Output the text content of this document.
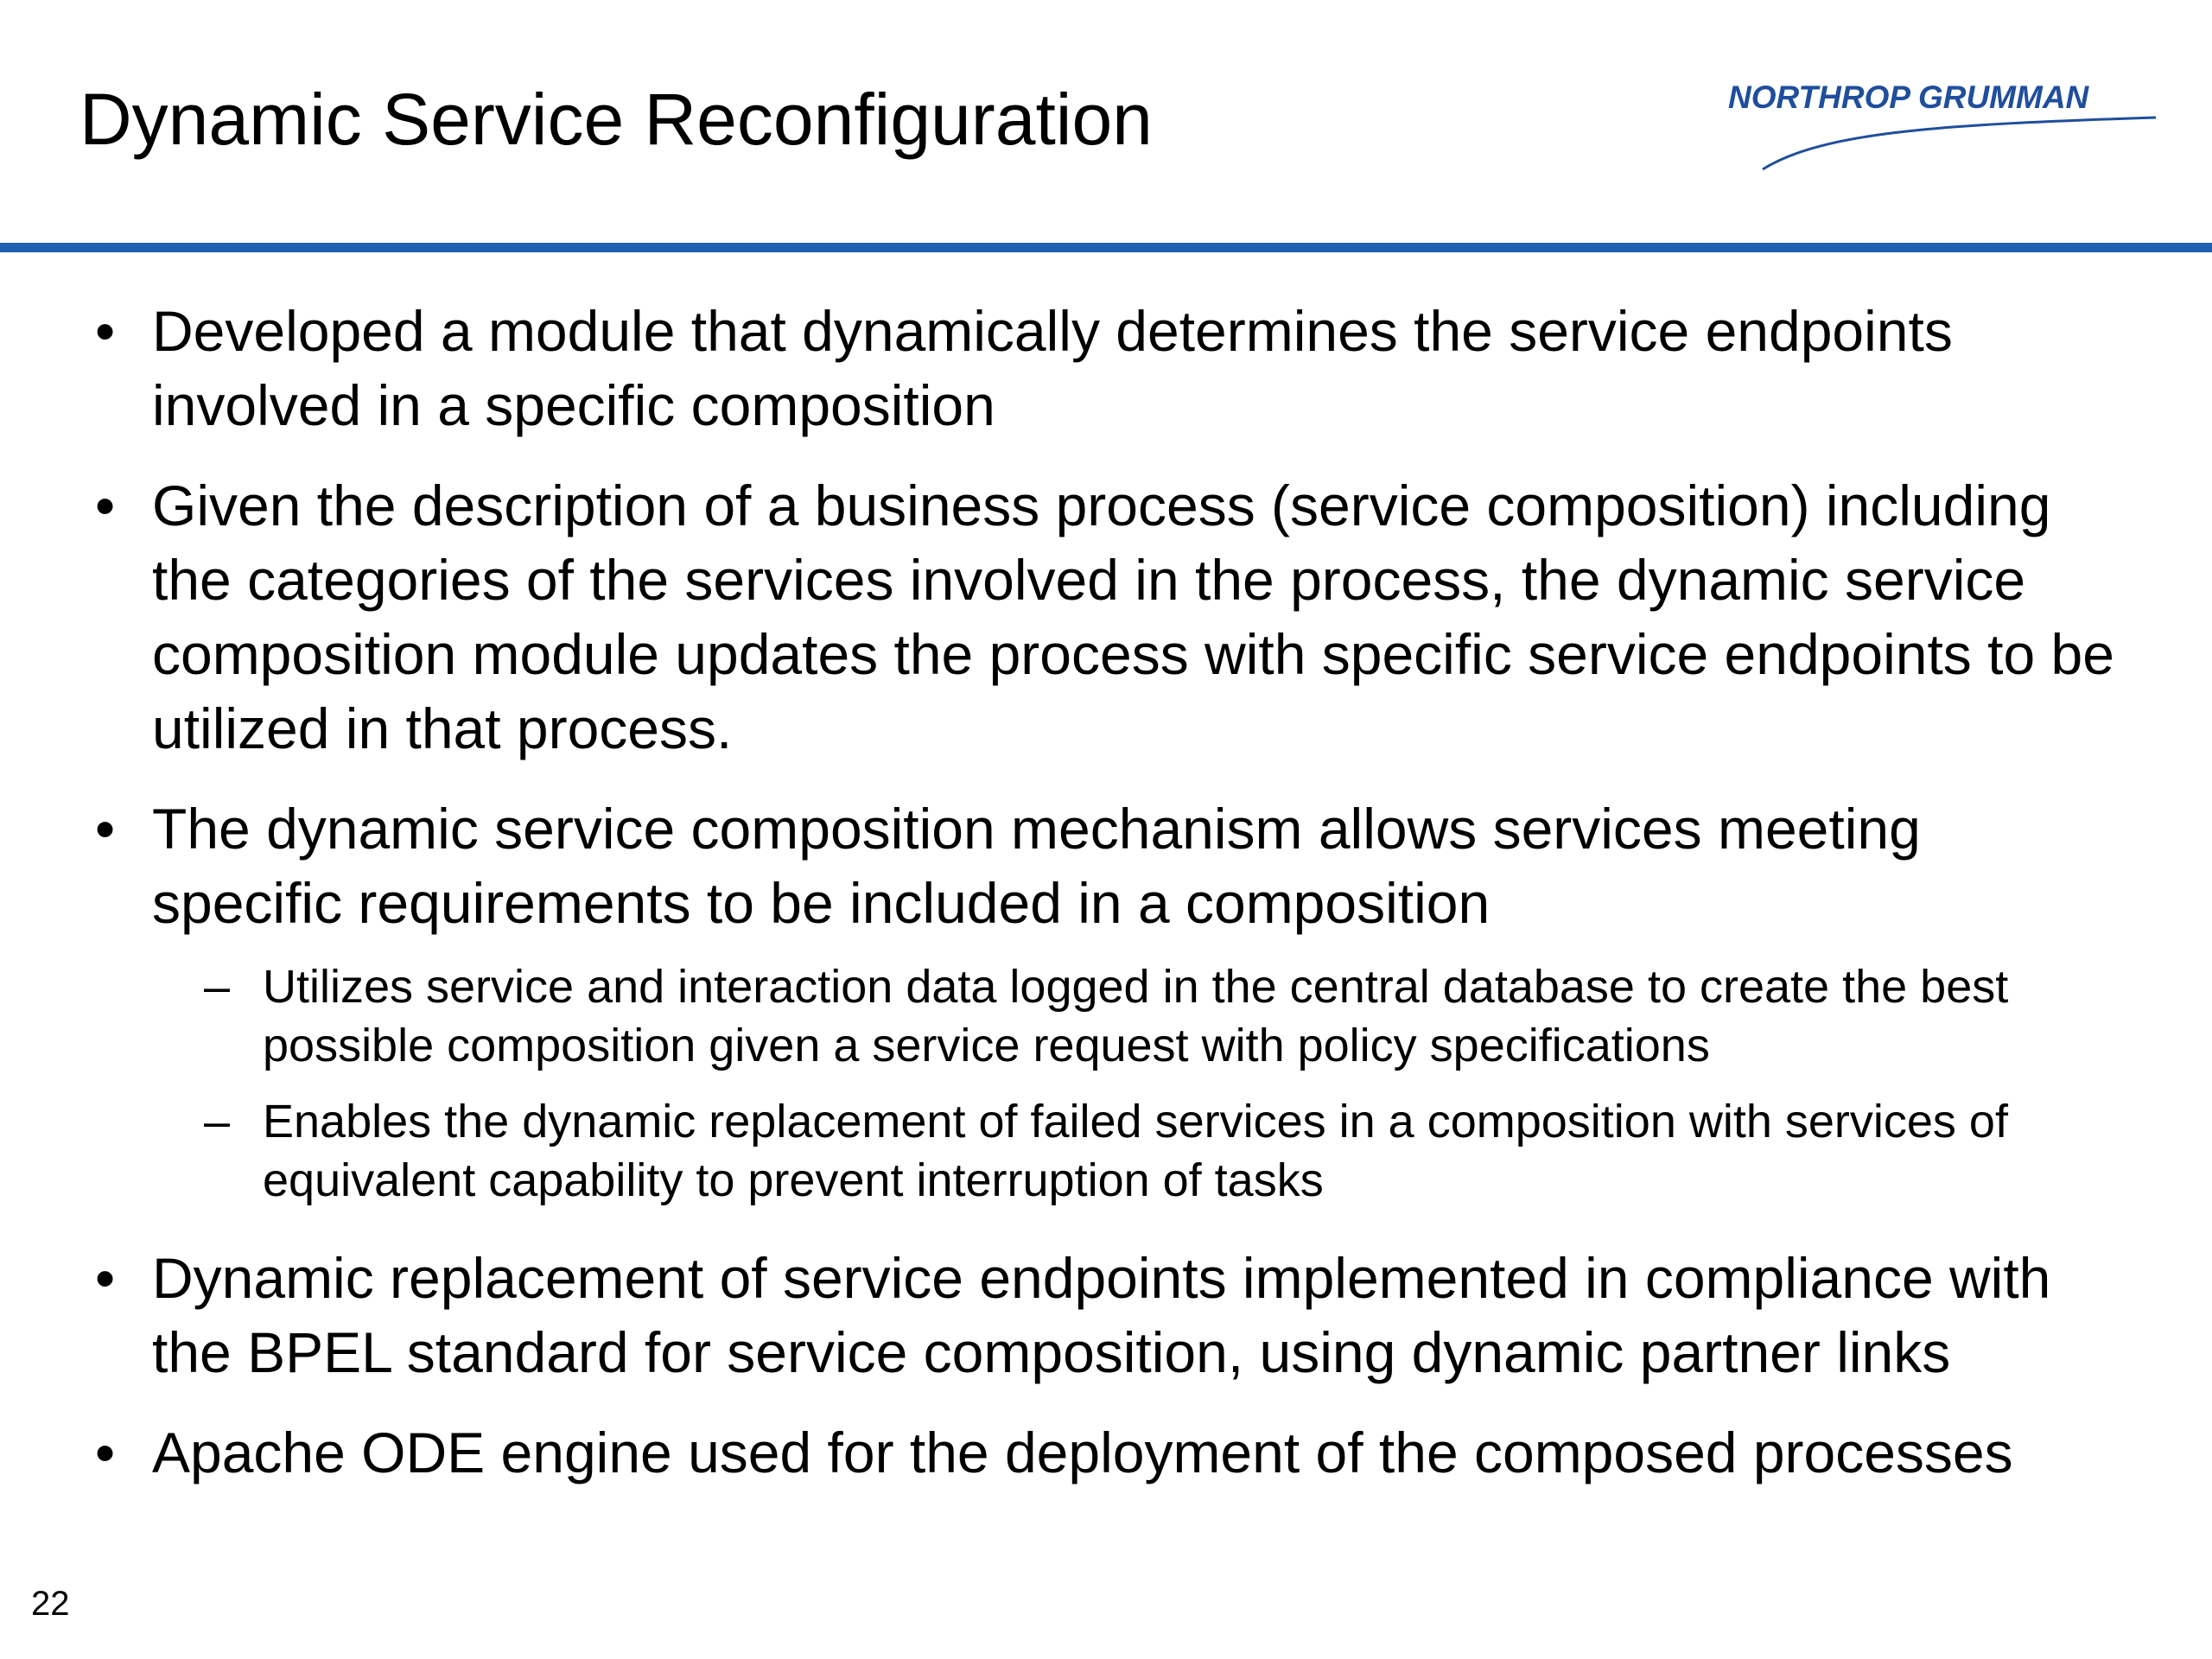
Dynamic Service Reconfiguration	NORTHROP GRUMMAN
• Developed a module that dynamically determines the service endpoints involved in a specific composition
• Given the description of a business process (service composition) including the categories of the services involved in the process, the dynamic service composition module updates the process with specific service endpoints to be utilized in that process.
• The dynamic service composition mechanism allows services meeting specific requirements to be included in a composition
– Utilizes service and interaction data logged in the central database to create the best possible composition given a service request with policy specifications
– Enables the dynamic replacement of failed services in a composition with services of equivalent capability to prevent interruption of tasks
• Dynamic replacement of service endpoints implemented in compliance with the BPEL standard for service composition, using dynamic partner links
• Apache ODE engine used for the deployment of the composed processes
22
